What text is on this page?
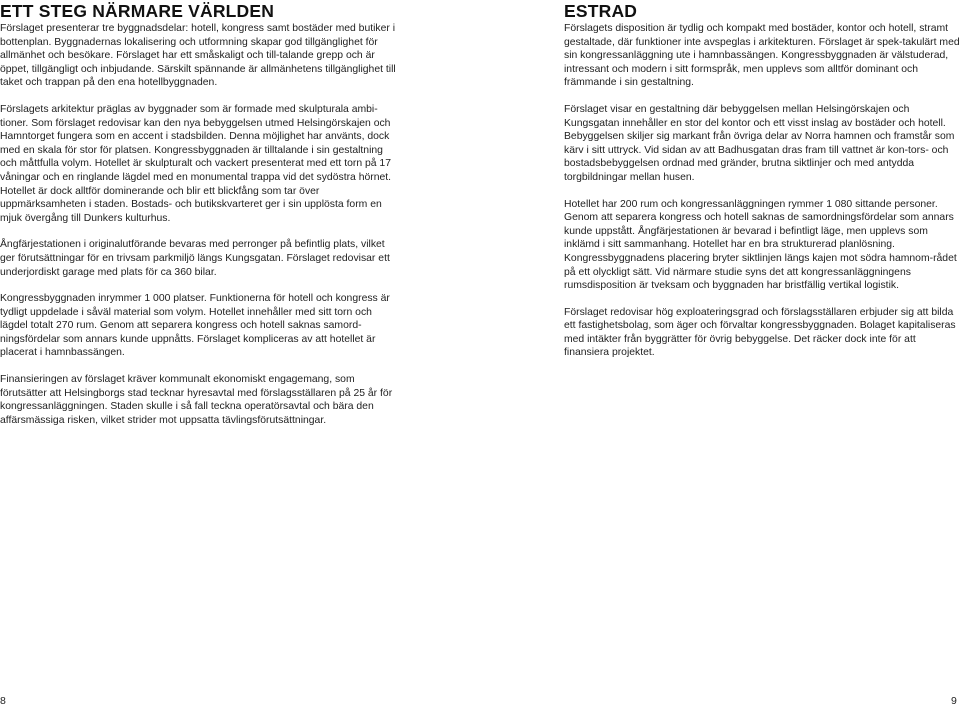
ETT STEG NÄRMARE VÄRLDEN

Förslaget presenterar tre byggnadsdelar: hotell, kongress samt bostäder med butiker i bottenplan. Byggnadernas lokalisering och utformning skapar god tillgänglighet för allmänhet och besökare. Förslaget har ett småskaligt och till-talande grepp och är öppet, tillgängligt och inbjudande. Särskilt spännande är allmänhetens tillgänglighet till taket och trappan på den ena hotellbyggnaden.

Förslagets arkitektur präglas av byggnader som är formade med skulpturala ambi-tioner. Som förslaget redovisar kan den nya bebyggelsen utmed Helsingörskajen och Hamntorget fungera som en accent i stadsbilden. Denna möjlighet har använts, dock med en skala för stor för platsen. Kongressbyggnaden är tilltalande i sin gestaltning och måttfulla volym. Hotellet är skulpturalt och vackert presenterat med ett torn på 17 våningar och en ringlande lägdel med en monumental trappa vid det sydöstra hörnet. Hotellet är dock alltför dominerande och blir ett blickfång som tar över uppmärksamheten i staden. Bostads- och butikskvarteret ger i sin upplösta form en mjuk övergång till Dunkers kulturhus.

Ångfärjestationen i originalutförande bevaras med perronger på befintlig plats, vilket ger förutsättningar för en trivsam parkmiljö längs Kungsgatan. Förslaget redovisar ett underjordiskt garage med plats för ca 360 bilar.

Kongressbyggnaden inrymmer 1 000 platser. Funktionerna för hotell och kongress är tydligt uppdelade i såväl material som volym. Hotellet innehåller med sitt torn och lägdel totalt 270 rum. Genom att separera kongress och hotell saknas samord-ningsfördelar som annars kunde uppnåtts. Förslaget kompliceras av att hotellet är placerat i hamnbassängen.

Finansieringen av förslaget kräver kommunalt ekonomiskt engagemang, som förutsätter att Helsingborgs stad tecknar hyresavtal med förslagsställaren på 25 år för kongressanläggningen. Staden skulle i så fall teckna operatörsavtal och bära den affärsmässiga risken, vilket strider mot uppsatta tävlingsförutsättningar.

ESTRAD

Förslagets disposition är tydlig och kompakt med bostäder, kontor och hotell, stramt gestaltade, där funktioner inte avspeglas i arkitekturen. Förslaget är spek-takulärt med sin kongressanläggning ute i hamnbassängen. Kongressbyggnaden är välstuderad, intressant och modern i sitt formspråk, men upplevs som alltför dominant och främmande i sin gestaltning.

Förslaget visar en gestaltning där bebyggelsen mellan Helsingörskajen och Kungsgatan innehåller en stor del kontor och ett visst inslag av bostäder och hotell. Bebyggelsen skiljer sig markant från övriga delar av Norra hamnen och framstår som kärv i sitt uttryck. Vid sidan av att Badhusgatan dras fram till vattnet är kon-tors- och bostadsbebyggelsen ordnad med gränder, brutna siktlinjer och med antydda torgbildningar mellan husen.

Hotellet har 200 rum och kongressanläggningen rymmer 1 080 sittande personer. Genom att separera kongress och hotell saknas de samordningsfördelar som annars kunde uppstått. Ångfärjestationen är bevarad i befintligt läge, men upplevs som inklämd i sitt sammanhang. Hotellet har en bra strukturerad planlösning. Kongressbyggnadens placering bryter siktlinjen längs kajen mot södra hamnom-rådet på ett olyckligt sätt. Vid närmare studie syns det att kongressanläggningens rumsdisposition är tveksam och byggnaden har bristfällig vertikal logistik.

Förslaget redovisar hög exploateringsgrad och förslagsställaren erbjuder sig att bilda ett fastighetsbolag, som äger och förvaltar kongressbyggnaden. Bolaget kapitaliseras med intäkter från byggrätter för övrig bebyggelse. Det räcker dock inte för att finansiera projektet.

8	9
